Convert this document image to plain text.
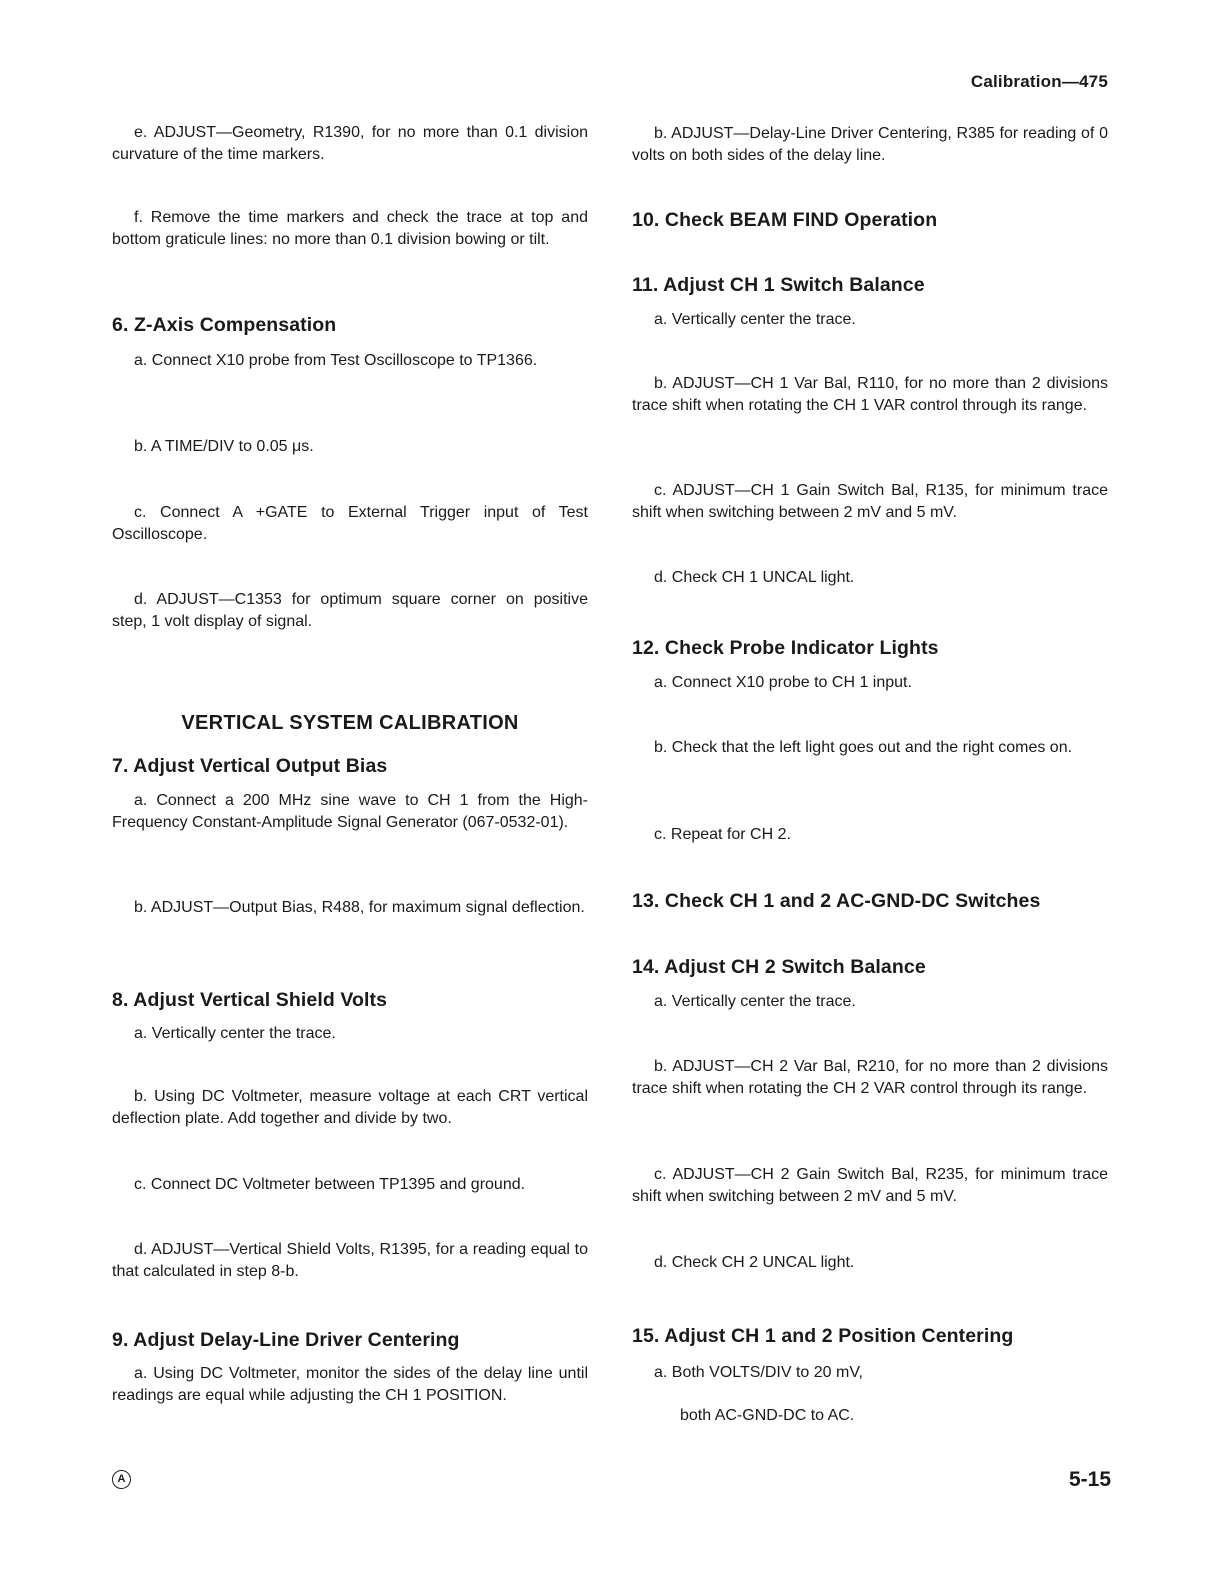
Calibration—475

e. ADJUST—Geometry, R1390, for no more than 0.1 division curvature of the time markers.

f. Remove the time markers and check the trace at top and bottom graticule lines: no more than 0.1 division bowing or tilt.

6. Z-Axis Compensation

a. Connect X10 probe from Test Oscilloscope to TP1366.

b. A TIME/DIV to 0.05 μs.

c. Connect A +GATE to External Trigger input of Test Oscilloscope.

d. ADJUST—C1353 for optimum square corner on positive step, 1 volt display of signal.

VERTICAL SYSTEM CALIBRATION
7. Adjust Vertical Output Bias

a. Connect a 200 MHz sine wave to CH 1 from the High-Frequency Constant-Amplitude Signal Generator (067-0532-01).

b. ADJUST—Output Bias, R488, for maximum signal deflection.

8. Adjust Vertical Shield Volts

a. Vertically center the trace.

b. Using DC Voltmeter, measure voltage at each CRT vertical deflection plate. Add together and divide by two.

c. Connect DC Voltmeter between TP1395 and ground.

d. ADJUST—Vertical Shield Volts, R1395, for a reading equal to that calculated in step 8-b.

9. Adjust Delay-Line Driver Centering

a. Using DC Voltmeter, monitor the sides of the delay line until readings are equal while adjusting the CH 1 POSITION.

b. ADJUST—Delay-Line Driver Centering, R385 for reading of 0 volts on both sides of the delay line.

10. Check BEAM FIND Operation
11. Adjust CH 1 Switch Balance

a. Vertically center the trace.

b. ADJUST—CH 1 Var Bal, R110, for no more than 2 divisions trace shift when rotating the CH 1 VAR control through its range.

c. ADJUST—CH 1 Gain Switch Bal, R135, for minimum trace shift when switching between 2 mV and 5 mV.

d. Check CH 1 UNCAL light.

12. Check Probe Indicator Lights

a. Connect X10 probe to CH 1 input.

b. Check that the left light goes out and the right comes on.

c. Repeat for CH 2.

13. Check CH 1 and 2 AC-GND-DC Switches
14. Adjust CH 2 Switch Balance

a. Vertically center the trace.

b. ADJUST—CH 2 Var Bal, R210, for no more than 2 divisions trace shift when rotating the CH 2 VAR control through its range.

c. ADJUST—CH 2 Gain Switch Bal, R235, for minimum trace shift when switching between 2 mV and 5 mV.

d. Check CH 2 UNCAL light.

15. Adjust CH 1 and 2 Position Centering

a. Both VOLTS/DIV to 20 mV,

both AC-GND-DC to AC.

A	5-15
